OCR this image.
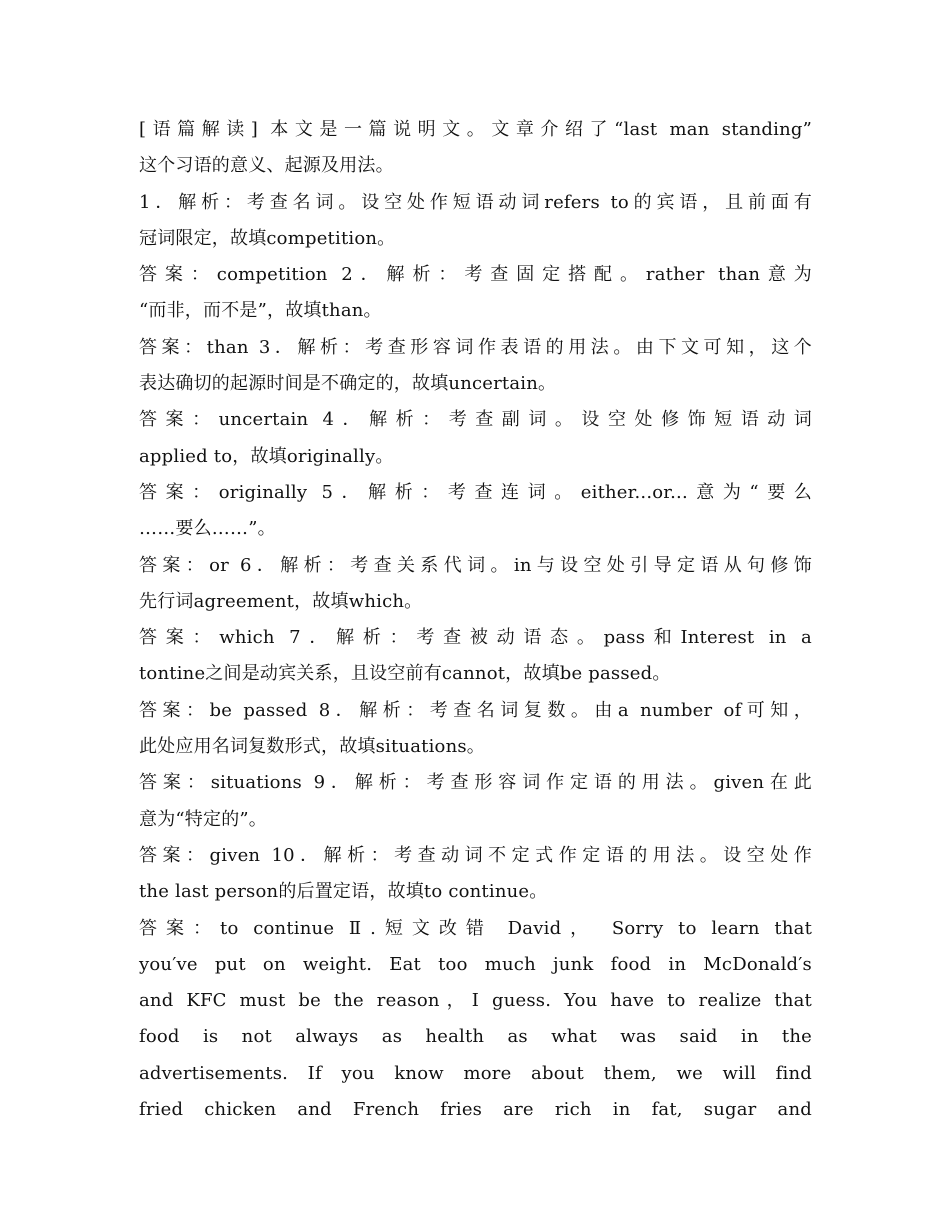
[语篇解读] 本文是一篇说明文。文章介绍了“last man standing”
这个习语的意义、起源及用法。
1．解析：考查名词。设空处作短语动词refers to的宾语，且前面有
冠词限定，故填competition。
答案：competition 2．解析：考查固定搭配。rather than意为
“而非，而不是”，故填than。
答案：than 3．解析：考查形容词作表语的用法。由下文可知，这个
表达确切的起源时间是不确定的，故填uncertain。
答案：uncertain 4．解析：考查副词。设空处修饰短语动词
applied to，故填originally。
答案：originally 5．解析：考查连词。either...or...意为“要么
……要么……”。
答案：or 6．解析：考查关系代词。in与设空处引导定语从句修饰
先行词agreement，故填which。
答案：which 7．解析：考查被动语态。pass和Interest in a
tontine之间是动宾关系，且设空前有cannot，故填be passed。
答案：be passed 8．解析：考查名词复数。由a number of可知，
此处应用名词复数形式，故填situations。
答案：situations 9．解析：考查形容词作定语的用法。given在此
意为“特定的”。
答案：given 10．解析：考查动词不定式作定语的用法。设空处作
the last person的后置定语，故填to continue。
答案：to continue Ⅱ.短文改错 David， Sorry to learn that
you′ve put on weight. Eat too much junk food in McDonald′s
and KFC must be the reason，I guess. You have to realize that
food is not always as health as what was said in the
advertisements. If you know more about them, we will find
fried chicken and French fries are rich in fat, sugar and
